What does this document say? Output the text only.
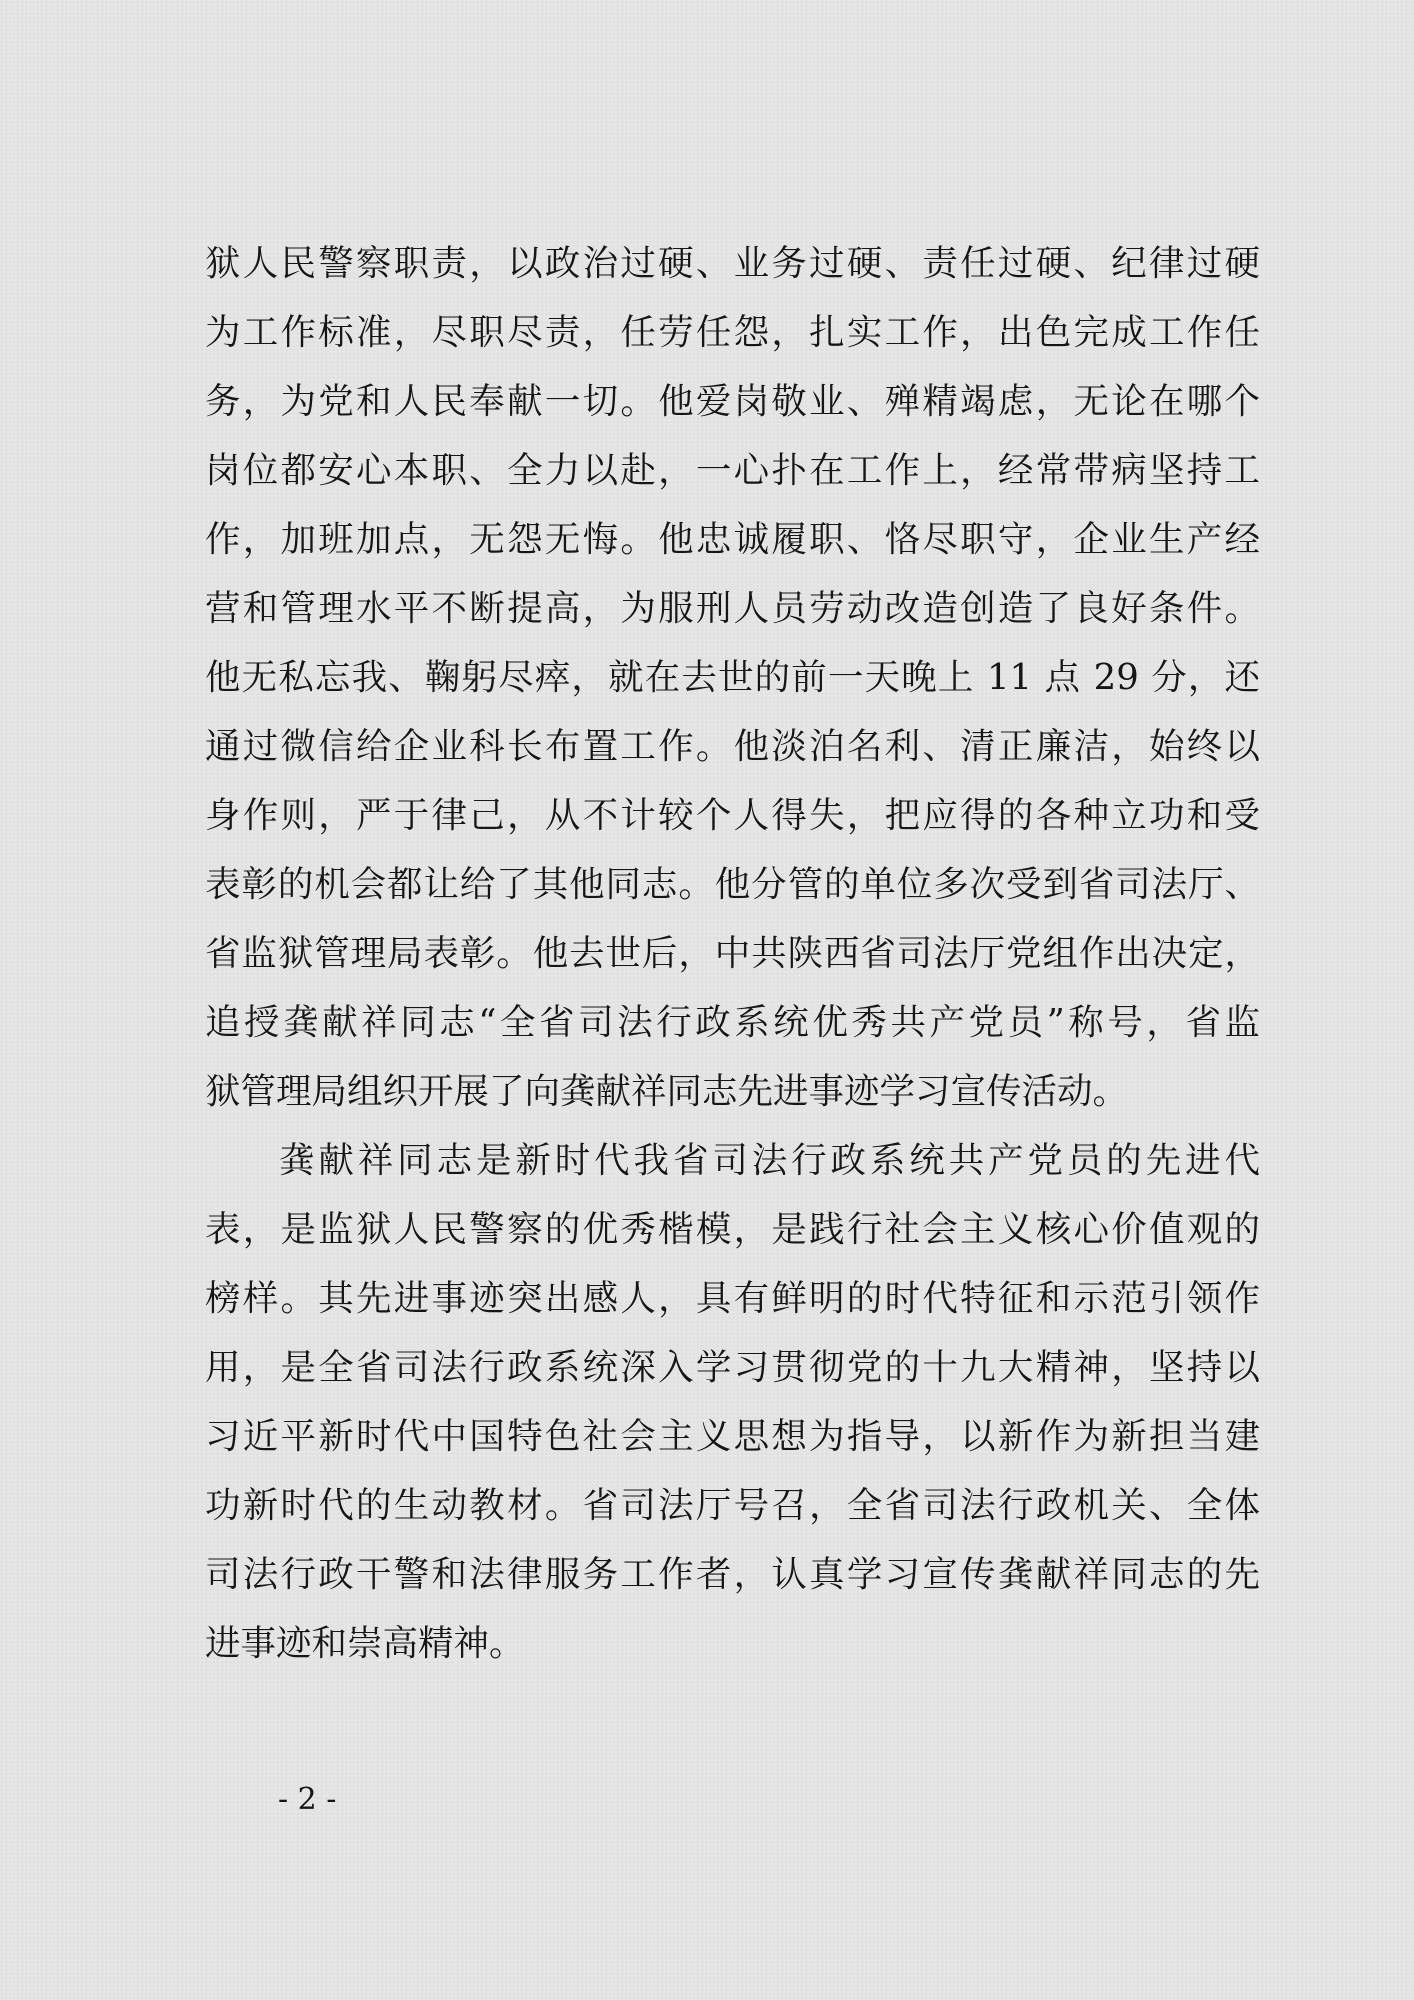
狱人民警察职责，以政治过硬、业务过硬、责任过硬、纪律过硬
为工作标准，尽职尽责，任劳任怨，扎实工作，出色完成工作任
务，为党和人民奉献一切。他爱岗敬业、殚精竭虑，无论在哪个
岗位都安心本职、全力以赴，一心扑在工作上，经常带病坚持工
作，加班加点，无怨无悔。他忠诚履职、恪尽职守，企业生产经
营和管理水平不断提高，为服刑人员劳动改造创造了良好条件。
他无私忘我、鞠躬尽瘁，就在去世的前一天晚上 11 点 29 分，还
通过微信给企业科长布置工作。他淡泊名利、清正廉洁，始终以
身作则，严于律己，从不计较个人得失，把应得的各种立功和受
表彰的机会都让给了其他同志。他分管的单位多次受到省司法厅、
省监狱管理局表彰。他去世后，中共陕西省司法厅党组作出决定，
追授龚献祥同志“全省司法行政系统优秀共产党员”称号，省监
狱管理局组织开展了向龚献祥同志先进事迹学习宣传活动。
龚献祥同志是新时代我省司法行政系统共产党员的先进代
表，是监狱人民警察的优秀楷模，是践行社会主义核心价值观的
榜样。其先进事迹突出感人，具有鲜明的时代特征和示范引领作
用，是全省司法行政系统深入学习贯彻党的十九大精神，坚持以
习近平新时代中国特色社会主义思想为指导，以新作为新担当建
功新时代的生动教材。省司法厅号召，全省司法行政机关、全体
司法行政干警和法律服务工作者，认真学习宣传龚献祥同志的先
进事迹和崇高精神。
- 2 -
